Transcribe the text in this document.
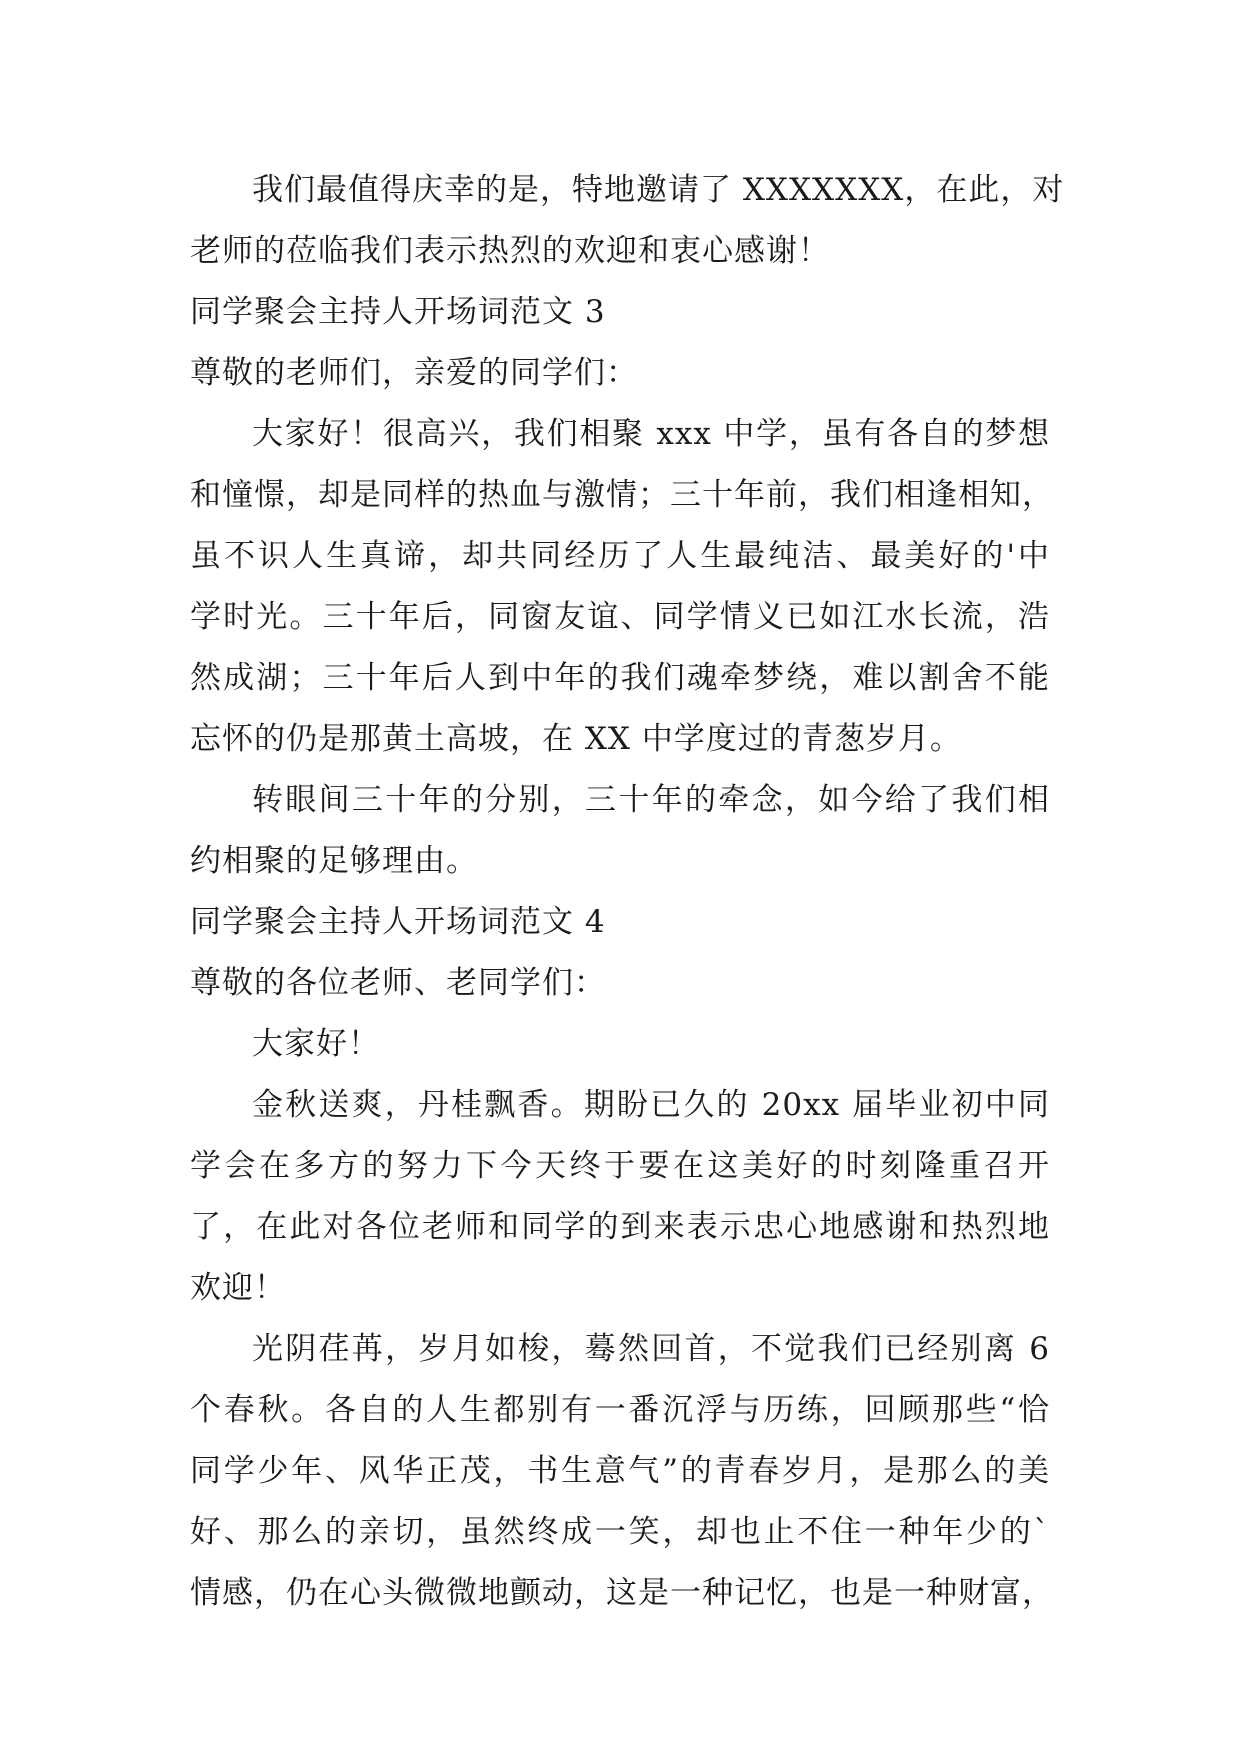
我们最值得庆幸的是，特地邀请了 XXXXXXX，在此，对

老师的莅临我们表示热烈的欢迎和衷心感谢！

同学聚会主持人开场词范文 3

尊敬的老师们，亲爱的同学们：

大家好！很高兴，我们相聚 xxx 中学，虽有各自的梦想

和憧憬，却是同样的热血与激情；三十年前，我们相逢相知，

虽不识人生真谛，却共同经历了人生最纯洁、最美好的'中

学时光。三十年后，同窗友谊、同学情义已如江水长流，浩

然成湖；三十年后人到中年的我们魂牵梦绕，难以割舍不能

忘怀的仍是那黄土高坡，在 XX 中学度过的青葱岁月。

转眼间三十年的分别，三十年的牵念，如今给了我们相

约相聚的足够理由。

同学聚会主持人开场词范文 4

尊敬的各位老师、老同学们：

大家好！

金秋送爽，丹桂飘香。期盼已久的 20xx 届毕业初中同

学会在多方的努力下今天终于要在这美好的时刻隆重召开

了，在此对各位老师和同学的到来表示忠心地感谢和热烈地

欢迎！

光阴荏苒，岁月如梭，蓦然回首，不觉我们已经别离 6

个春秋。各自的人生都别有一番沉浮与历练，回顾那些“恰

同学少年、风华正茂，书生意气”的青春岁月，是那么的美

好、那么的亲切，虽然终成一笑，却也止不住一种年少的`

情感，仍在心头微微地颤动，这是一种记忆，也是一种财富，
